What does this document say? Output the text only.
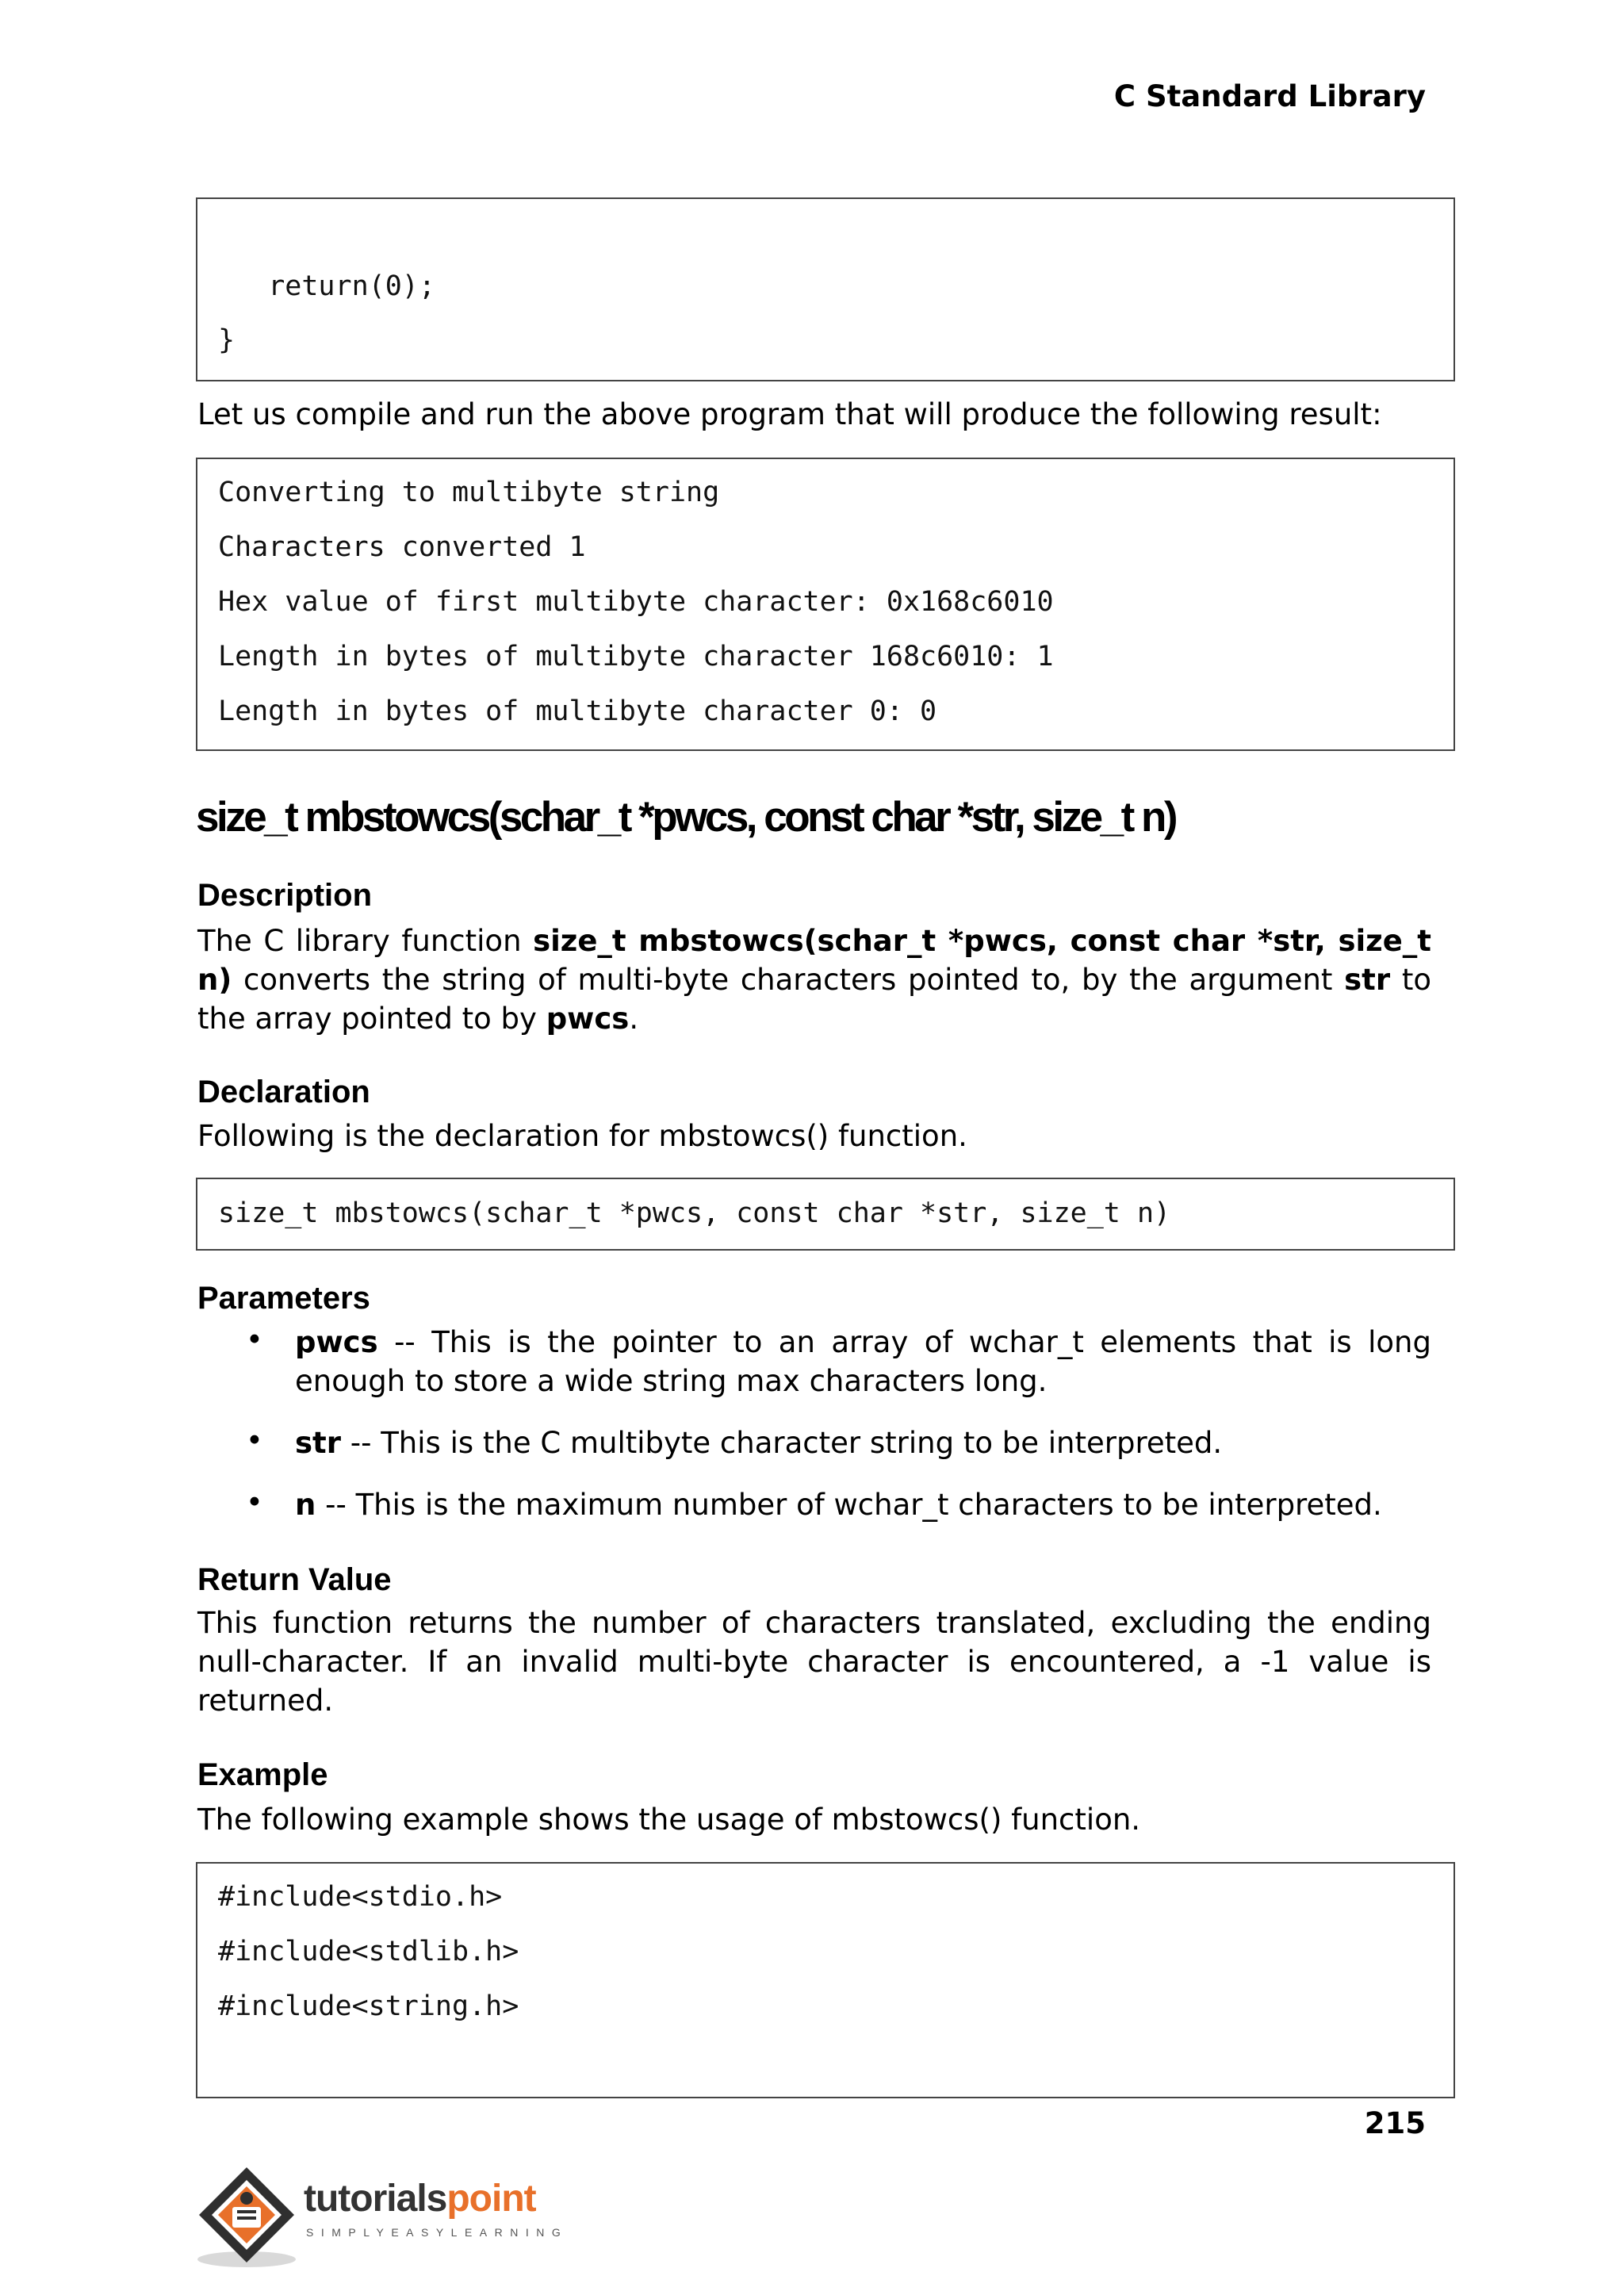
C Standard Library
return(0);
}
Let us compile and run the above program that will produce the following result:
Converting to multibyte string
Characters converted 1
Hex value of first multibyte character: 0x168c6010
Length in bytes of multibyte character 168c6010: 1
Length in bytes of multibyte character 0: 0
size_t mbstowcs(schar_t *pwcs, const char *str, size_t n)
Description
The C library function size_t mbstowcs(schar_t *pwcs, const char *str, size_t n) converts the string of multi-byte characters pointed to, by the argument str to the array pointed to by pwcs.
Declaration
Following is the declaration for mbstowcs() function.
size_t mbstowcs(schar_t *pwcs, const char *str, size_t n)
Parameters
• pwcs -- This is the pointer to an array of wchar_t elements that is long enough to store a wide string max characters long.
• str -- This is the C multibyte character string to be interpreted.
• n -- This is the maximum number of wchar_t characters to be interpreted.
Return Value
This function returns the number of characters translated, excluding the ending null-character. If an invalid multi-byte character is encountered, a -1 value is returned.
Example
The following example shows the usage of mbstowcs() function.
#include<stdio.h>
#include<stdlib.h>
#include<string.h>
215
tutorialspoint
SIMPLYEASYLEARNING
